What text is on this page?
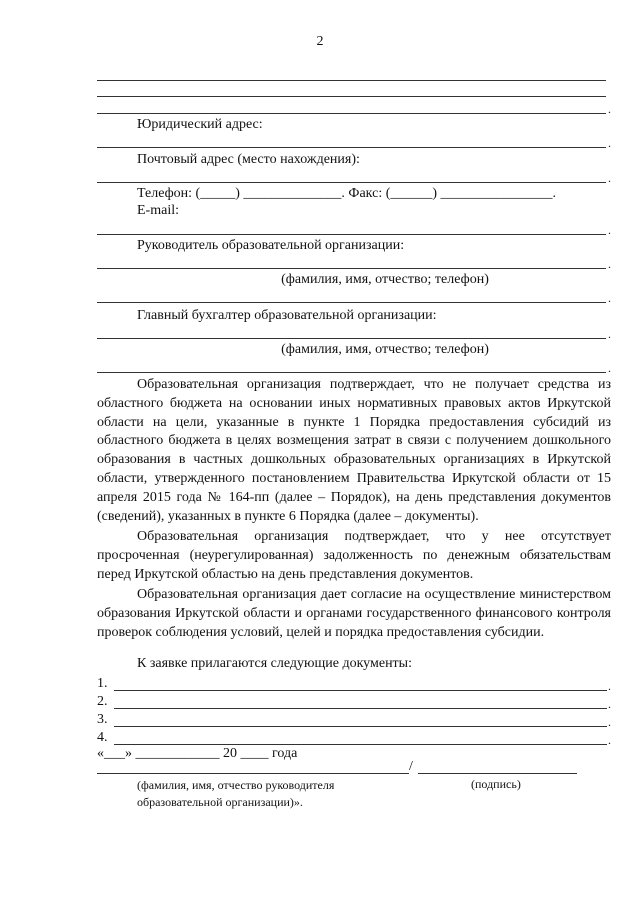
2
.
Юридический адрес:
.
Почтовый адрес (место нахождения):
.
Телефон: (_____) ______________. Факс: (______) ________________.
E-mail:
.
Руководитель образовательной организации:
.
(фамилия, имя, отчество; телефон)
.
Главный бухгалтер образовательной организации:
.
(фамилия, имя, отчество; телефон)
.
Образовательная организация подтверждает, что не получает средства из областного бюджета на основании иных нормативных правовых актов Иркутской области на цели, указанные в пункте 1 Порядка предоставления субсидий из областного бюджета в целях возмещения затрат в связи с получением дошкольного образования в частных дошкольных образовательных организациях в Иркутской области, утвержденного постановлением Правительства Иркутской области от 15 апреля 2015 года № 164-пп (далее – Порядок), на день представления документов (сведений), указанных в пункте 6 Порядка (далее – документы).
Образовательная организация подтверждает, что у нее отсутствует просроченная (неурегулированная) задолженность по денежным обязательствам перед Иркутской областью на день представления документов.
Образовательная организация дает согласие на осуществление министерством образования Иркутской области и органами государственного финансового контроля проверок соблюдения условий, целей и порядка предоставления субсидии.
К заявке прилагаются следующие документы:
1.	.
2.	.
3.	.
4.	.
«___» ____________ 20 ____ года
/
(фамилия, имя, отчество руководителя образовательной организации)».
(подпись)
